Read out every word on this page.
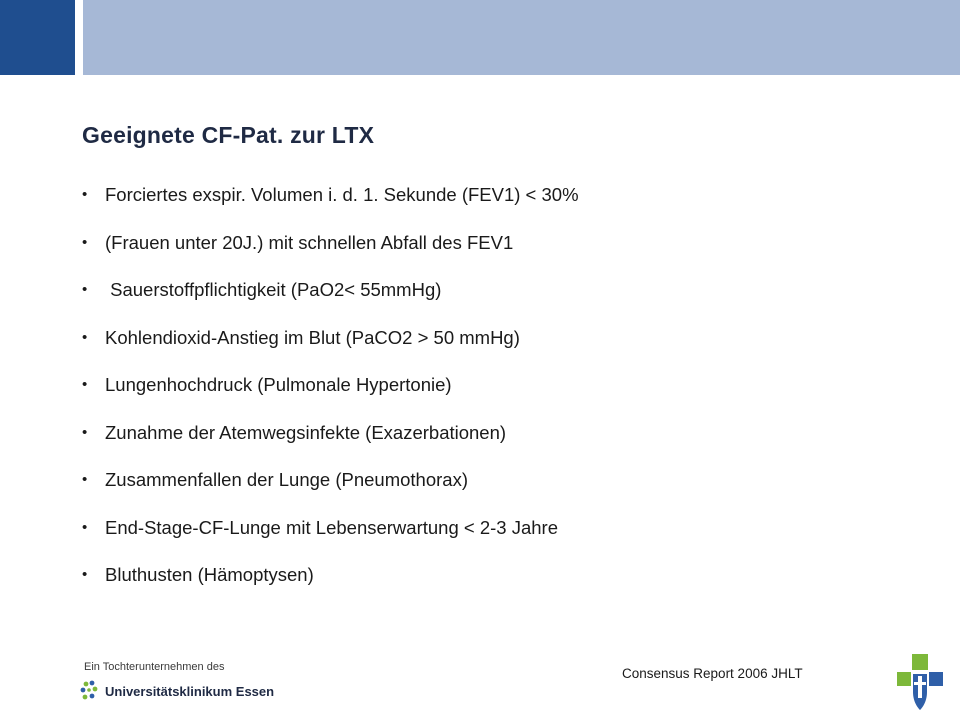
Geeignete CF-Pat. zur LTX
• Forciertes exspir. Volumen i. d. 1. Sekunde (FEV1) < 30%
• (Frauen unter 20J.) mit schnellen Abfall des FEV1
• Sauerstoffpflichtigkeit (PaO2< 55mmHg)
• Kohlendioxid-Anstieg im Blut (PaCO2 > 50 mmHg)
• Lungenhochdruck (Pulmonale Hypertonie)
• Zunahme der Atemwegsinfekte (Exazerbationen)
• Zusammenfallen der Lunge (Pneumothorax)
• End-Stage-CF-Lunge mit Lebenserwartung < 2-3 Jahre
• Bluthusten (Hämoptysen)
Ein Tochterunternehmen des
Universitätsklinikum Essen
Consensus Report 2006 JHLT
